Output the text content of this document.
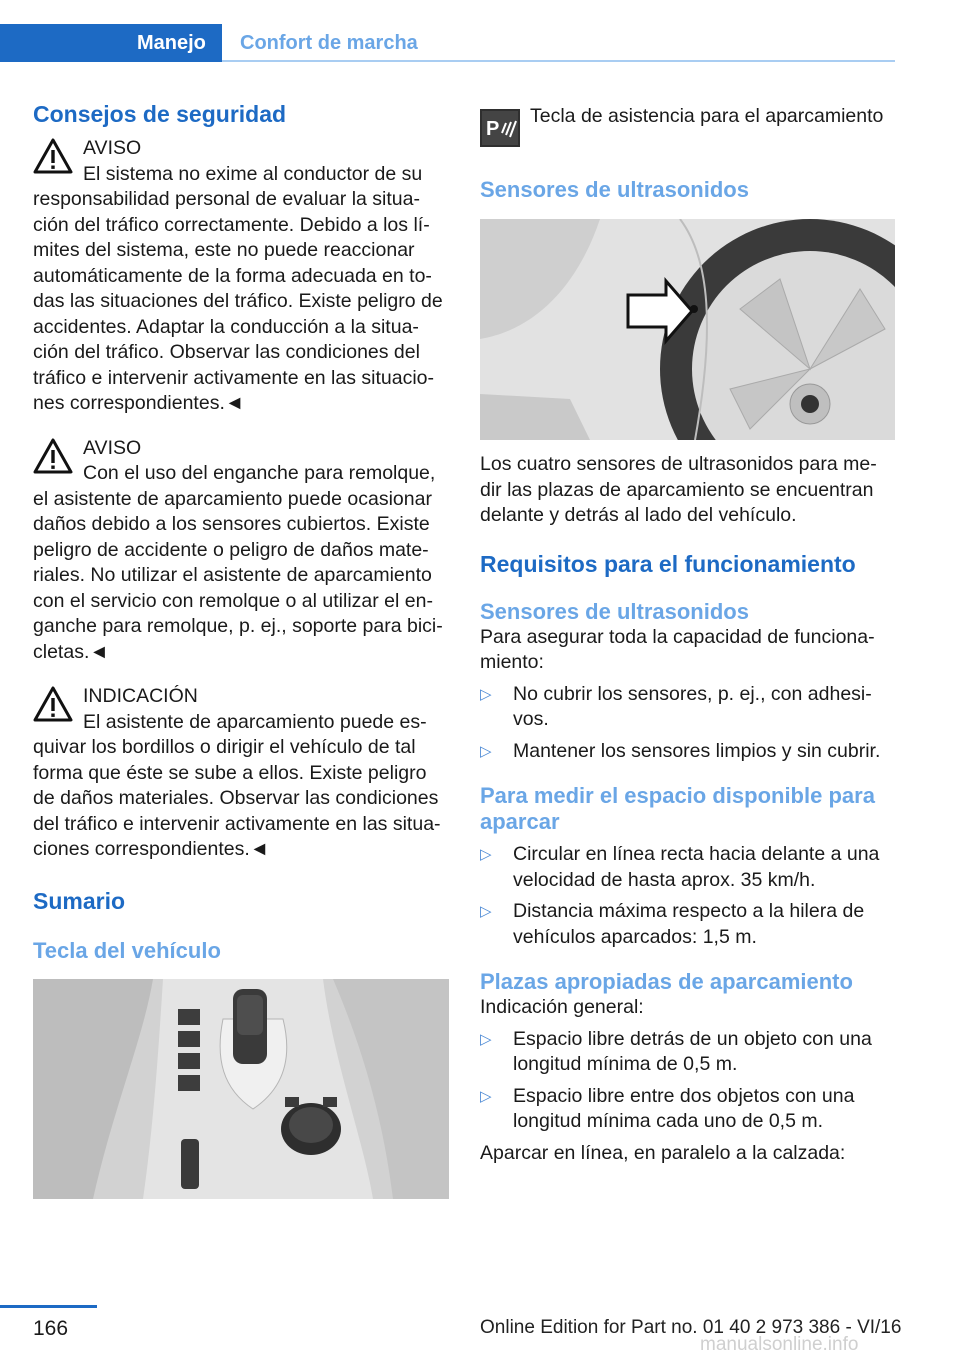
Manejo	Confort de marcha
Consejos de seguridad

AVISO

El sistema no exime al conductor de su

responsabilidad personal de evaluar la situa-ción del tráfico correctamente. Debido a los lí-mites del sistema, este no puede reaccionar automáticamente de la forma adecuada en to-das las situaciones del tráfico. Existe peligro de accidentes. Adaptar la conducción a la situa-ción del tráfico. Observar las condiciones del tráfico e intervenir activamente en las situacio-nes correspondientes.◄

AVISO

Con el uso del enganche para remolque,

el asistente de aparcamiento puede ocasionar daños debido a los sensores cubiertos. Existe peligro de accidente o peligro de daños mate-riales. No utilizar el asistente de aparcamiento con el servicio con remolque o al utilizar el en-ganche para remolque, p. ej., soporte para bici-cletas.◄

INDICACIÓN

El asistente de aparcamiento puede es-

quivar los bordillos o dirigir el vehículo de tal forma que éste se sube a ellos. Existe peligro de daños materiales. Observar las condiciones del tráfico e intervenir activamente en las situa-ciones correspondientes.◄

Sumario
Tecla del vehículo
P

Tecla de asistencia para el aparcamiento

Sensores de ultrasonidos

Los cuatro sensores de ultrasonidos para me-dir las plazas de aparcamiento se encuentran delante y detrás al lado del vehículo.

Requisitos para el funcionamiento
Sensores de ultrasonidos

Para asegurar toda la capacidad de funciona-miento:

▷ No cubrir los sensores, p. ej., con adhesi-vos.
▷ Mantener los sensores limpios y sin cubrir.
Para medir el espacio disponible para aparcar
▷ Circular en línea recta hacia delante a una velocidad de hasta aprox. 35 km/h.
▷ Distancia máxima respecto a la hilera de vehículos aparcados: 1,5 m.
Plazas apropiadas de aparcamiento

Indicación general:

▷ Espacio libre detrás de un objeto con una longitud mínima de 0,5 m.
▷ Espacio libre entre dos objetos con una longitud mínima cada uno de 0,5 m.

Aparcar en línea, en paralelo a la calzada:

166	Online Edition for Part no. 01 40 2 973 386 - VI/16
manualsonline.info
